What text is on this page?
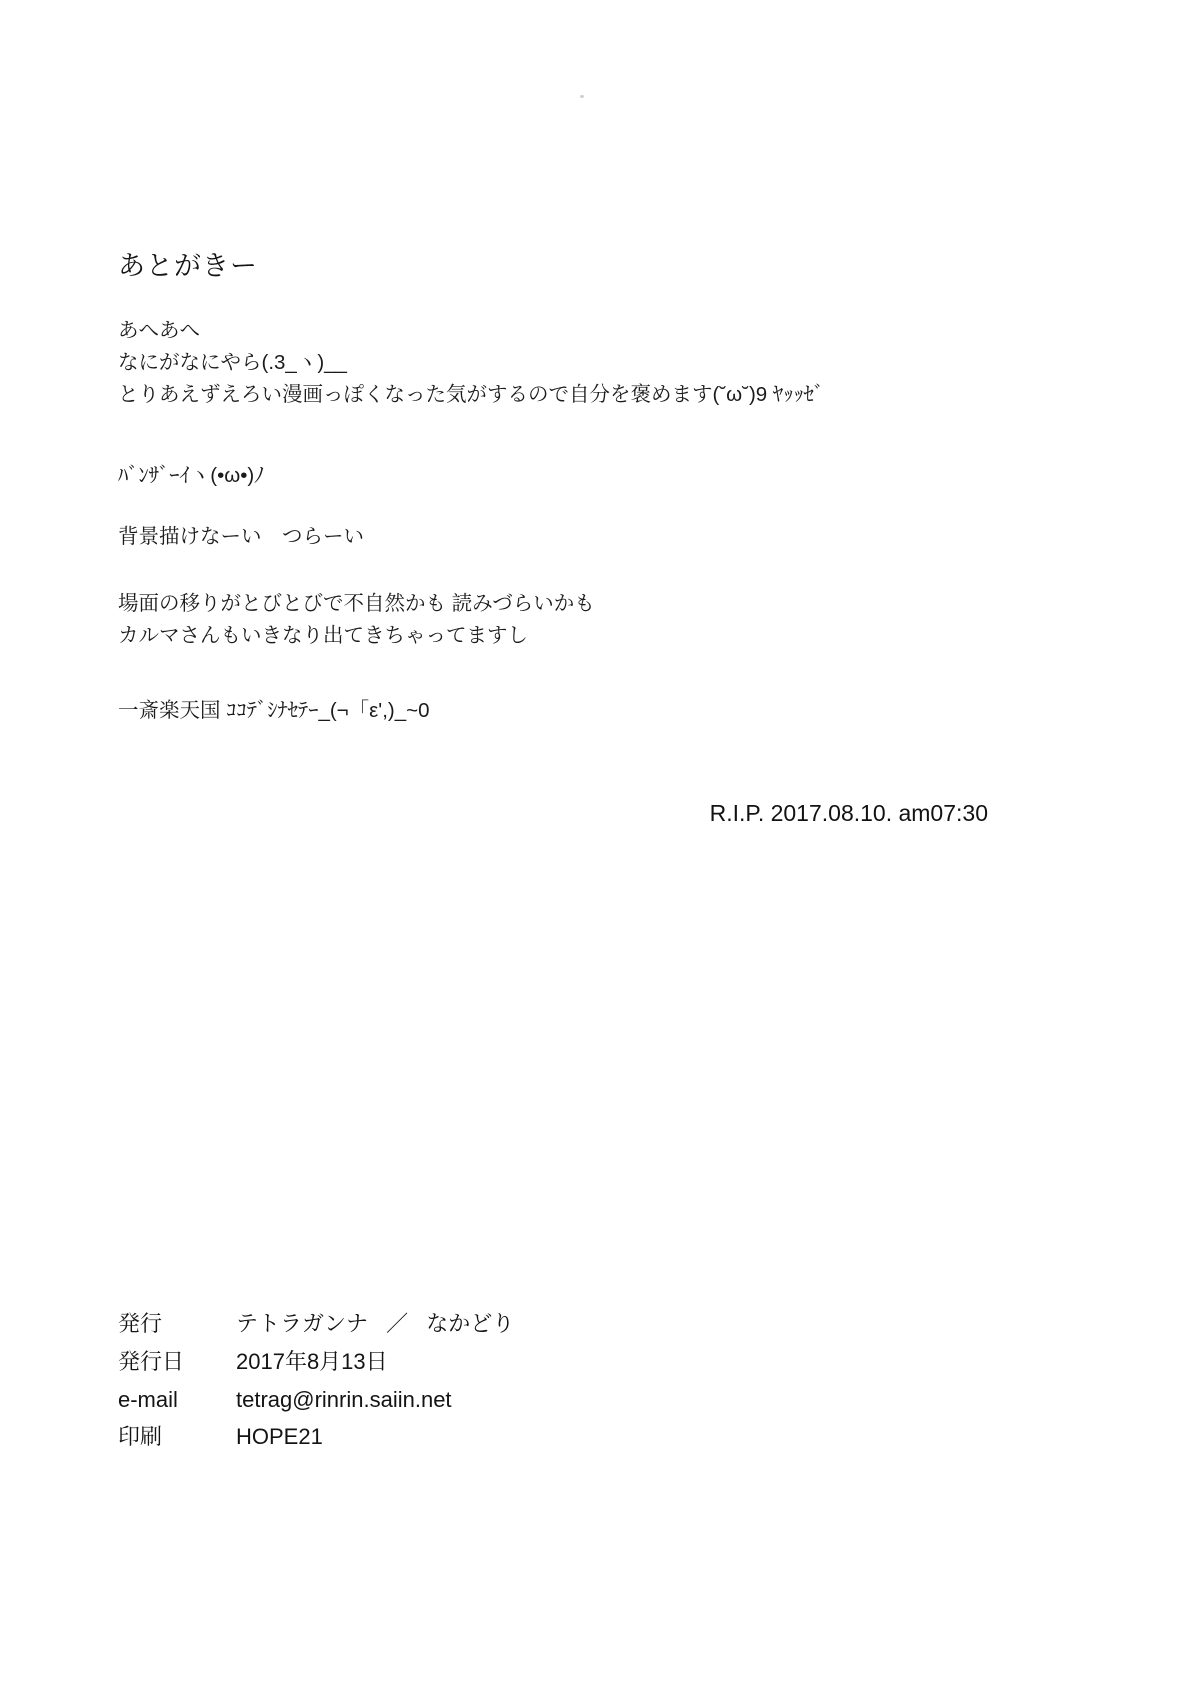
あとがきー
あへあへ
なにがなにやら(.3_ヽ)__
とりあえずえろい漫画っぽくなった気がするので自分を褒めます(˘ω˘)9 ﾔｯｯｾﾞ
ﾊﾞﾝｻﾞｰｲヽ(•ω•)ﾉ
背景描けなーい　つらーい
場面の移りがとびとびで不自然かも 読みづらいかも
カルマさんもいきなり出てきちゃってますし
一斎楽天国 ｺｺﾃﾞｼﾅｾﾃｰ_(¬「ε',)_~0
R.I.P. 2017.08.10. am07:30
発行	テトラガンナ ／ なかどり
発行日	2017年8月13日
e-mail	tetrag@rinrin.saiin.net
印刷	HOPE21
